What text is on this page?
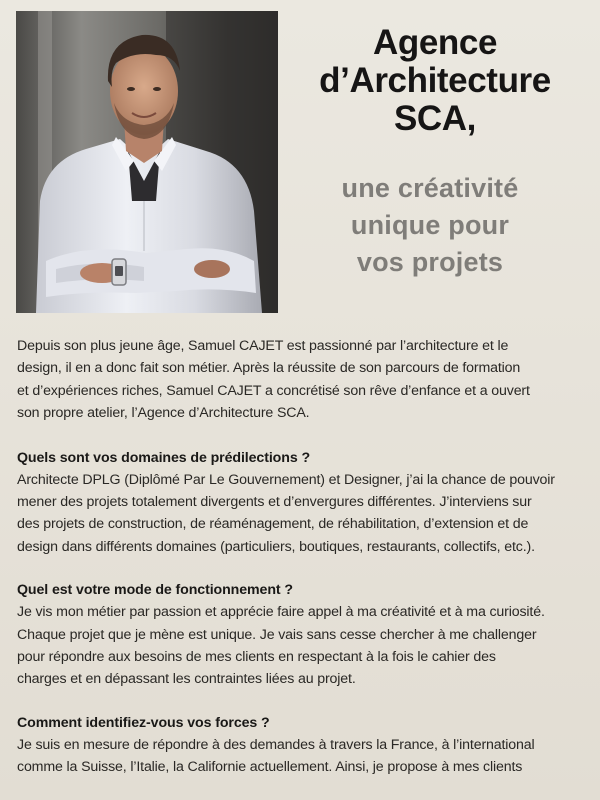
Agence
d’Architecture
SCA,
une créativité
unique pour
vos projets

Depuis son plus jeune âge, Samuel CAJET est passionné par l’architecture et le
design, il en a donc fait son métier. Après la réussite de son parcours de formation
et d’expériences riches, Samuel CAJET a concrétisé son rêve d’enfance et a ouvert
son propre atelier, l’Agence d’Architecture SCA.

Quels sont vos domaines de prédilections ?

Architecte DPLG (Diplômé Par Le Gouvernement) et Designer, j’ai la chance de pouvoir
mener des projets totalement divergents et d’envergures différentes. J’interviens sur
des projets de construction, de réaménagement, de réhabilitation, d’extension et de
design dans différents domaines (particuliers, boutiques, restaurants, collectifs, etc.).

Quel est votre mode de fonctionnement ?

Je vis mon métier par passion et apprécie faire appel à ma créativité et à ma curiosité.
Chaque projet que je mène est unique. Je vais sans cesse chercher à me challenger
pour répondre aux besoins de mes clients en respectant à la fois le cahier des
charges et en dépassant les contraintes liées au projet.

Comment identifiez-vous vos forces ?

Je suis en mesure de répondre à des demandes à travers la France, à l’international
comme la Suisse, l’Italie, la Californie actuellement. Ainsi, je propose à mes clients
